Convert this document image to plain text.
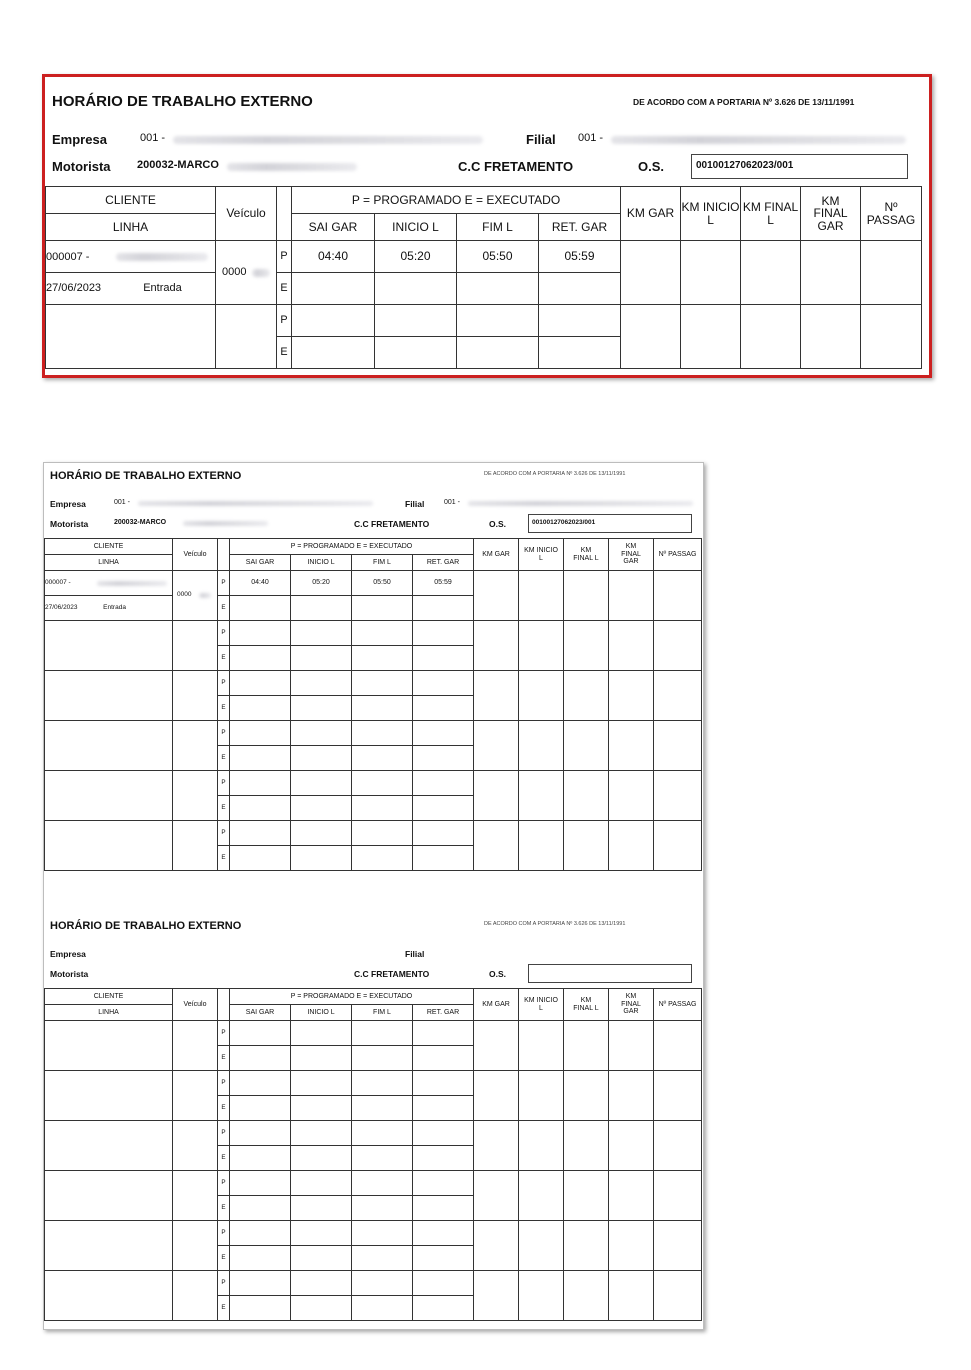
HORÁRIO DE TRABALHO EXTERNO	DE ACORDO COM A PORTARIA Nº 3.626 DE 13/11/1991
Empresa	001 -	Filial 001 -
Motorista 200032-MARCO	C.C FRETAMENTO	O.S.	00100127062023/001
CLIENTE	Veículo		P = PROGRAMADO E = EXECUTADO				KM GAR	KM INICIO L	KM FINAL L	KM FINAL GAR	Nº PASSAG

LINHA			SAI GAR	INICIO L	FIM L	RET. GAR					
000007 -	0000	P	04:40	05:20	05:50	05:59					
27/06/2023 Entrada		E									
		P									
		E									
HORÁRIO DE TRABALHO EXTERNO	DE ACORDO COM A PORTARIA Nº 3.626 DE 13/11/1991
Empresa	001 -	Filial	001 -
Motorista	200032-MARCO	C.C FRETAMENTO	O.S.	00100127062023/001
CLIENTE	Veículo		P = PROGRAMADO E = EXECUTADO				KM GAR	KM INICIO L	KM FINAL L	KM FINAL GAR	Nº PASSAG

LINHA			SAI GAR	INICIO L	FIM L	RET. GAR					
000007 -	0000	P	04:40	05:20	05:50	05:59					
27/06/2023 Entrada		E									
		P									
		E									
		P									
		E									
		P									
		E									
		P									
		E									
		P									
		E									
HORÁRIO DE TRABALHO EXTERNO	DE ACORDO COM A PORTARIA Nº 3.626 DE 13/11/1991
Empresa	Filial
Motorista	C.C FRETAMENTO	O.S.
CLIENTE	Veículo		P = PROGRAMADO E = EXECUTADO				KM GAR	KM INICIO L	KM FINAL L	KM FINAL GAR	Nº PASSAG

LINHA			SAI GAR	INICIO L	FIM L	RET. GAR					
		P									
		E									
		P									
		E									
		P									
		E									
		P									
		E									
		P									
		E									
		P									
		E									
